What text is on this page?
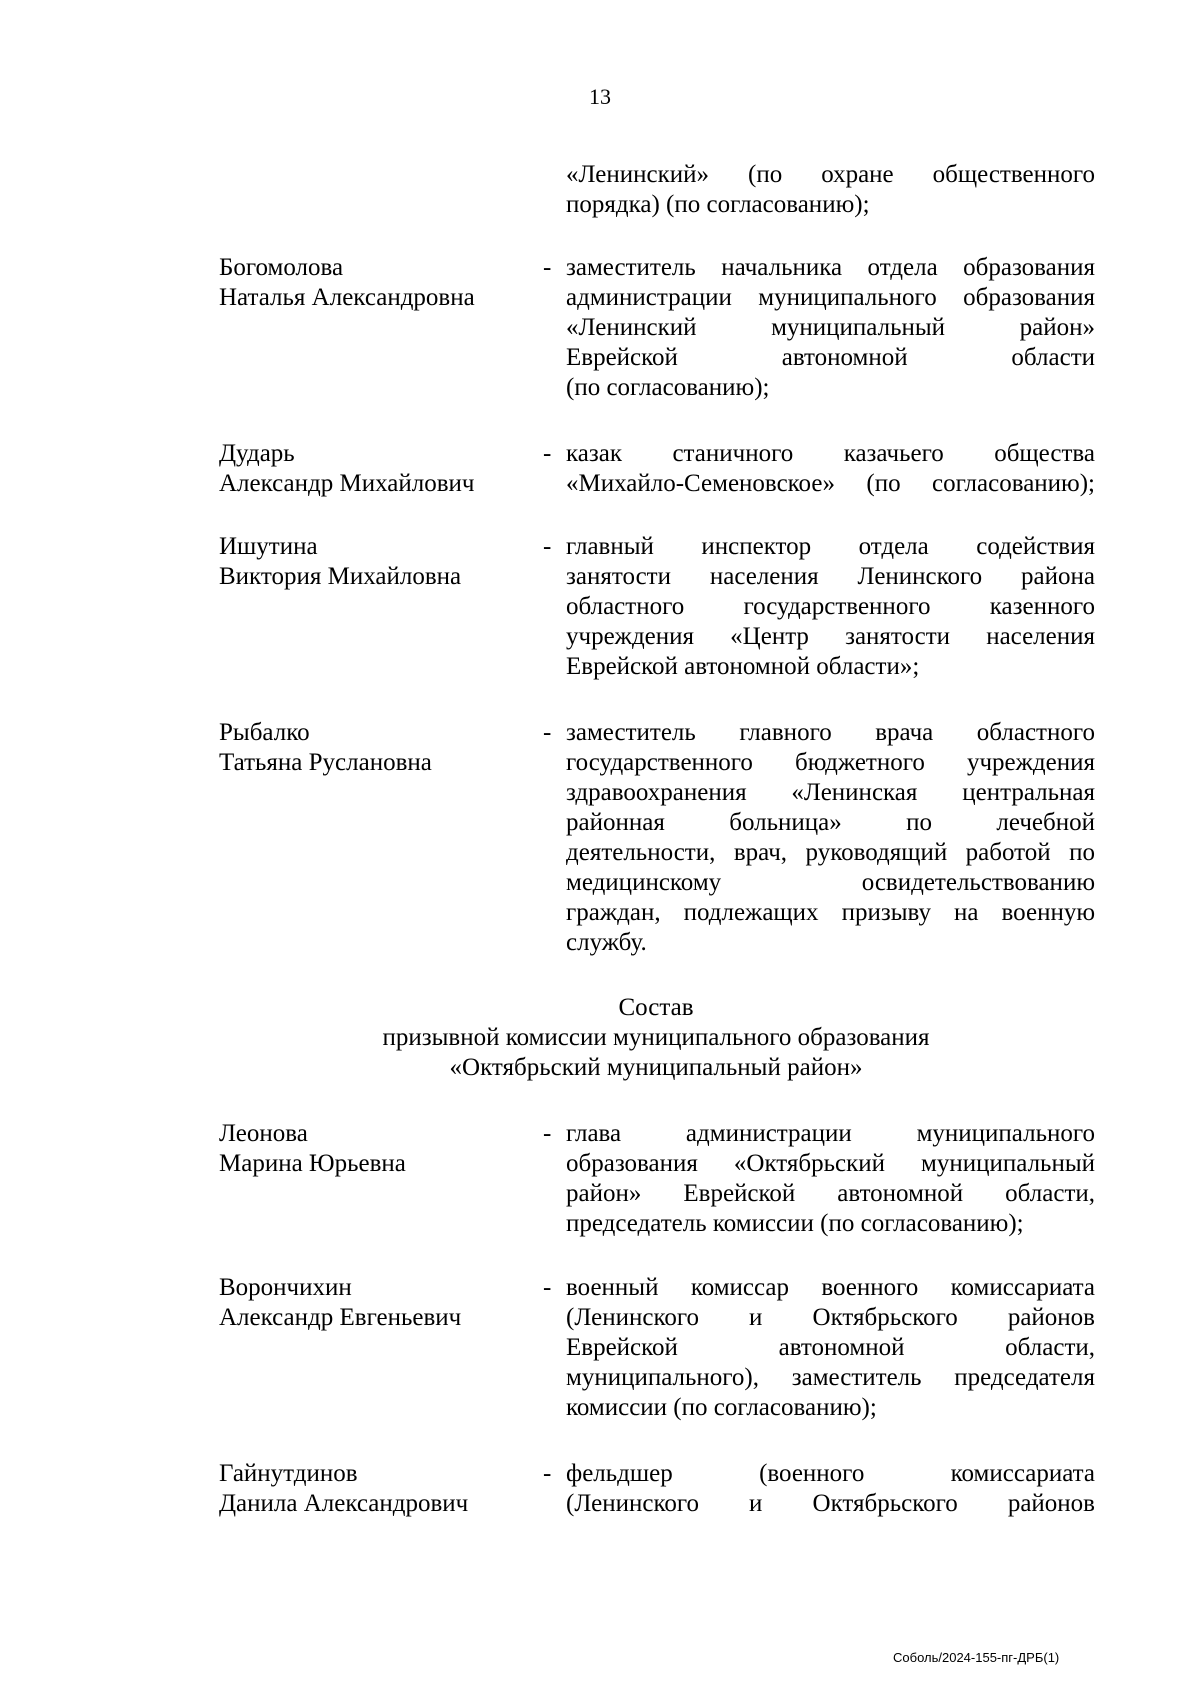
13
«Ленинский» (по охране общественного
порядка) (по согласованию);
Богомолова
Наталья Александровна
- заместитель начальника отдела образования
администрации муниципального образования
«Ленинский муниципальный район»
Еврейской автономной области
(по согласованию);
Дударь
Александр Михайлович
- казак станичного казачьего общества
«Михайло-Семеновское» (по согласованию);
Ишутина
Виктория Михайловна
- главный инспектор отдела содействия
занятости населения Ленинского района
областного государственного казенного
учреждения «Центр занятости населения
Еврейской автономной области»;
Рыбалко
Татьяна Руслановна
- заместитель главного врача областного
государственного бюджетного учреждения
здравоохранения «Ленинская центральная
районная больница» по лечебной
деятельности, врач, руководящий работой по
медицинскому освидетельствованию
граждан, подлежащих призыву на военную
службу.
Состав
призывной комиссии муниципального образования
«Октябрьский муниципальный район»
Леонова
Марина Юрьевна
- глава администрации муниципального
образования «Октябрьский муниципальный
район» Еврейской автономной области,
председатель комиссии (по согласованию);
Ворончихин
Александр Евгеньевич
- военный комиссар военного комиссариата
(Ленинского и Октябрьского районов
Еврейской автономной области,
муниципального), заместитель председателя
комиссии (по согласованию);
Гайнутдинов
Данила Александрович
- фельдшер (военного комиссариата
(Ленинского и Октябрьского районов
Соболь/2024-155-пг-ДРБ(1)
